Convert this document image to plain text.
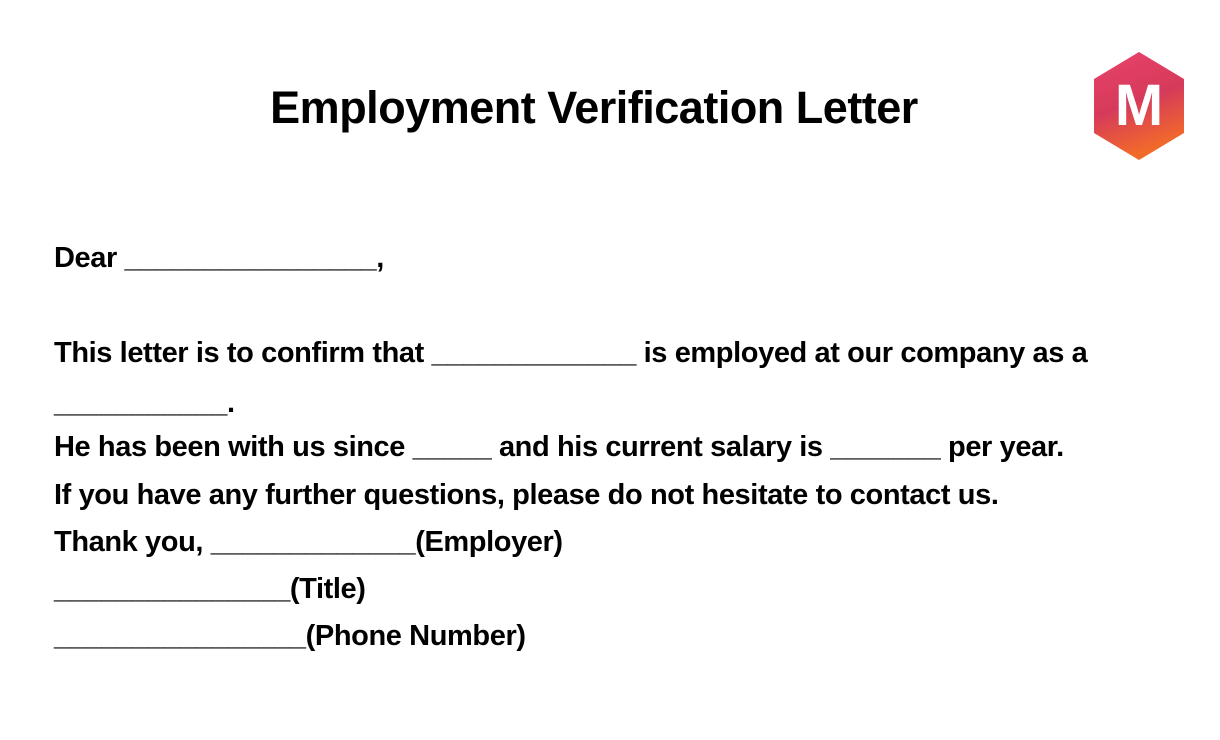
Employment Verification Letter	M
Dear ________________,
This letter is to confirm that _____________ is employed at our company as a
___________.
He has been with us since _____ and his current salary is _______ per year.
If you have any further questions, please do not hesitate to contact us.
Thank you, _____________(Employer)
_______________(Title)
________________(Phone Number)
